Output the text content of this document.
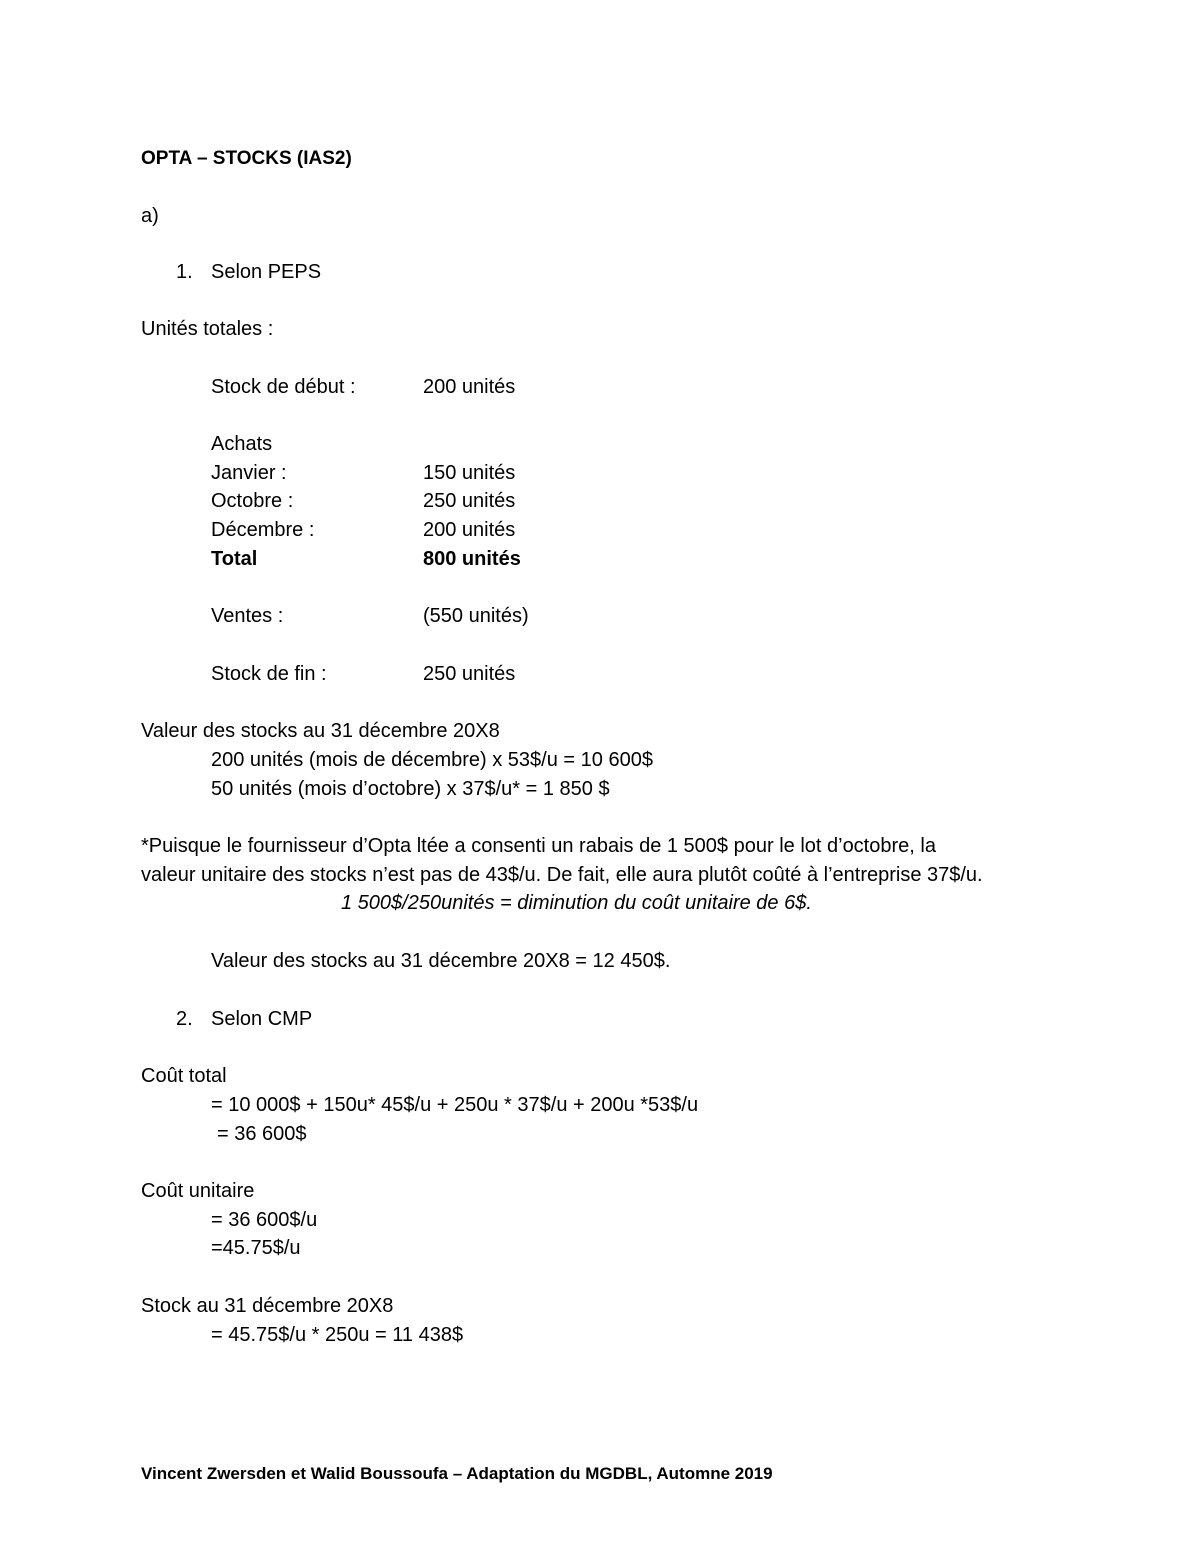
OPTA – STOCKS (IAS2)
a)
1. Selon PEPS
Unités totales :
Stock de début :	200 unités
Achats
Janvier :	150 unités
Octobre :	250 unités
Décembre :	200 unités
Total	800 unités
Ventes :	(550 unités)
Stock de fin :	250 unités
Valeur des stocks au 31 décembre 20X8
200 unités (mois de décembre) x 53$/u = 10 600$
50 unités (mois d’octobre) x 37$/u* = 1 850 $
*Puisque le fournisseur d’Opta ltée a consenti un rabais de 1 500$ pour le lot d’octobre, la
valeur unitaire des stocks n’est pas de 43$/u. De fait, elle aura plutôt coûté à l’entreprise 37$/u.
1 500$/250unités = diminution du coût unitaire de 6$.
Valeur des stocks au 31 décembre 20X8 = 12 450$.
2. Selon CMP
Coût total
= 10 000$ + 150u* 45$/u + 250u * 37$/u + 200u *53$/u
= 36 600$
Coût unitaire
= 36 600$/u
=45.75$/u
Stock au 31 décembre 20X8
= 45.75$/u * 250u = 11 438$
Vincent Zwersden et Walid Boussoufa – Adaptation du MGDBL, Automne 2019
